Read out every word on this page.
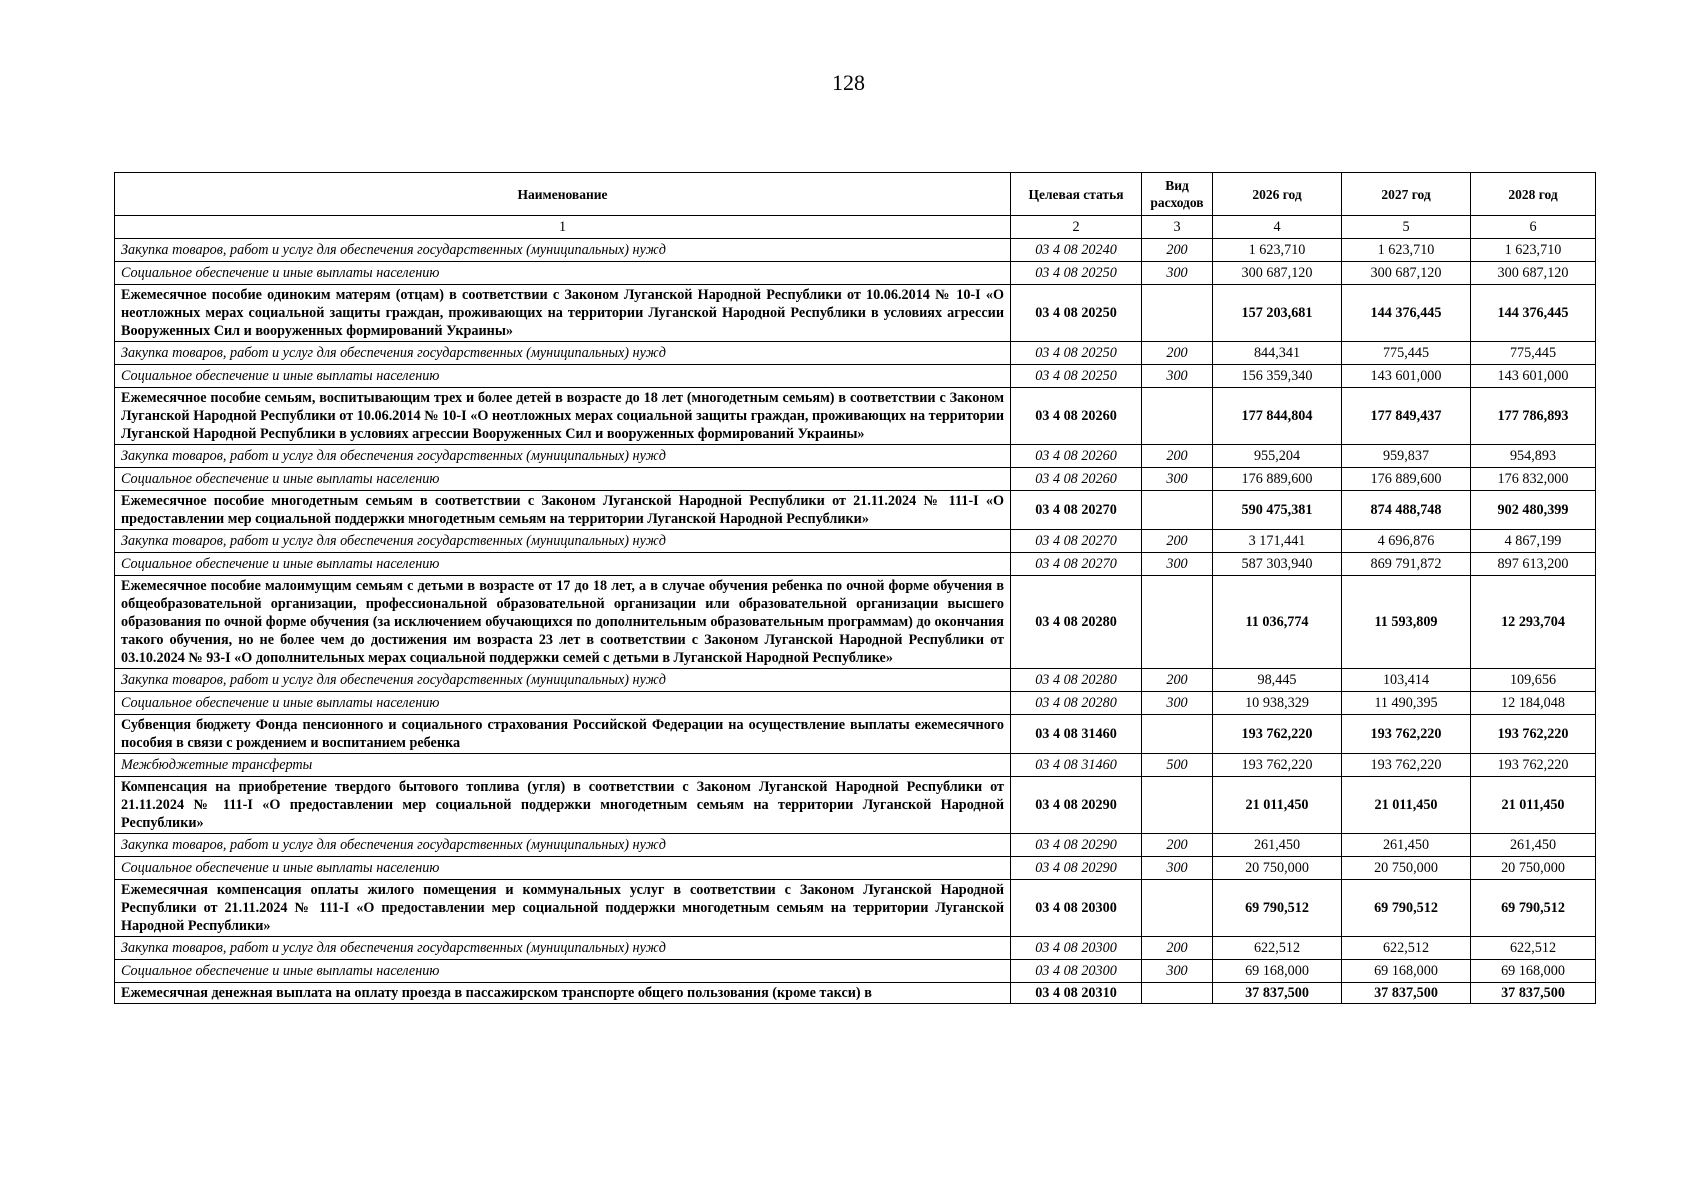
128
Наименование	Целевая статья	Вид расходов	2026 год	2027 год	2028 год
1	2	3	4	5	6
Закупка товаров, работ и услуг для обеспечения государственных (муниципальных) нужд	03 4 08 20240	200	1 623,710	1 623,710	1 623,710
Социальное обеспечение и иные выплаты населению	03 4 08 20250	300	300 687,120	300 687,120	300 687,120
Ежемесячное пособие одиноким матерям (отцам) в соответствии с Законом Луганской Народной Республики от 10.06.2014 № 10-I «О неотложных мерах социальной защиты граждан, проживающих на территории Луганской Народной Республики в условиях агрессии Вооруженных Сил и вооруженных формирований Украины»	03 4 08 20250		157 203,681	144 376,445	144 376,445
Закупка товаров, работ и услуг для обеспечения государственных (муниципальных) нужд	03 4 08 20250	200	844,341	775,445	775,445
Социальное обеспечение и иные выплаты населению	03 4 08 20250	300	156 359,340	143 601,000	143 601,000
Ежемесячное пособие семьям, воспитывающим трех и более детей в возрасте до 18 лет (многодетным семьям) в соответствии с Законом Луганской Народной Республики от 10.06.2014 № 10-I «О неотложных мерах социальной защиты граждан, проживающих на территории Луганской Народной Республики в условиях агрессии Вооруженных Сил и вооруженных формирований Украины»	03 4 08 20260		177 844,804	177 849,437	177 786,893
Закупка товаров, работ и услуг для обеспечения государственных (муниципальных) нужд	03 4 08 20260	200	955,204	959,837	954,893
Социальное обеспечение и иные выплаты населению	03 4 08 20260	300	176 889,600	176 889,600	176 832,000
Ежемесячное пособие многодетным семьям в соответствии с Законом Луганской Народной Республики от 21.11.2024 № 111-I «О предоставлении мер социальной поддержки многодетным семьям на территории Луганской Народной Республики»	03 4 08 20270		590 475,381	874 488,748	902 480,399
Закупка товаров, работ и услуг для обеспечения государственных (муниципальных) нужд	03 4 08 20270	200	3 171,441	4 696,876	4 867,199
Социальное обеспечение и иные выплаты населению	03 4 08 20270	300	587 303,940	869 791,872	897 613,200
Ежемесячное пособие малоимущим семьям с детьми в возрасте от 17 до 18 лет, а в случае обучения ребенка по очной форме обучения в общеобразовательной организации, профессиональной образовательной организации или образовательной организации высшего образования по очной форме обучения (за исключением обучающихся по дополнительным образовательным программам) до окончания такого обучения, но не более чем до достижения им возраста 23 лет в соответствии с Законом Луганской Народной Республики от 03.10.2024 № 93-I «О дополнительных мерах социальной поддержки семей с детьми в Луганской Народной Республике»	03 4 08 20280		11 036,774	11 593,809	12 293,704
Закупка товаров, работ и услуг для обеспечения государственных (муниципальных) нужд	03 4 08 20280	200	98,445	103,414	109,656
Социальное обеспечение и иные выплаты населению	03 4 08 20280	300	10 938,329	11 490,395	12 184,048
Субвенция бюджету Фонда пенсионного и социального страхования Российской Федерации на осуществление выплаты ежемесячного пособия в связи с рождением и воспитанием ребенка	03 4 08 31460		193 762,220	193 762,220	193 762,220
Межбюджетные трансферты	03 4 08 31460	500	193 762,220	193 762,220	193 762,220
Компенсация на приобретение твердого бытового топлива (угля) в соответствии с Законом Луганской Народной Республики от 21.11.2024 № 111-I «О предоставлении мер социальной поддержки многодетным семьям на территории Луганской Народной Республики»	03 4 08 20290		21 011,450	21 011,450	21 011,450
Закупка товаров, работ и услуг для обеспечения государственных (муниципальных) нужд	03 4 08 20290	200	261,450	261,450	261,450
Социальное обеспечение и иные выплаты населению	03 4 08 20290	300	20 750,000	20 750,000	20 750,000
Ежемесячная компенсация оплаты жилого помещения и коммунальных услуг в соответствии с Законом Луганской Народной Республики от 21.11.2024 № 111-I «О предоставлении мер социальной поддержки многодетным семьям на территории Луганской Народной Республики»	03 4 08 20300		69 790,512	69 790,512	69 790,512
Закупка товаров, работ и услуг для обеспечения государственных (муниципальных) нужд	03 4 08 20300	200	622,512	622,512	622,512
Социальное обеспечение и иные выплаты населению	03 4 08 20300	300	69 168,000	69 168,000	69 168,000
Ежемесячная денежная выплата на оплату проезда в пассажирском транспорте общего пользования (кроме такси) в	03 4 08 20310		37 837,500	37 837,500	37 837,500
